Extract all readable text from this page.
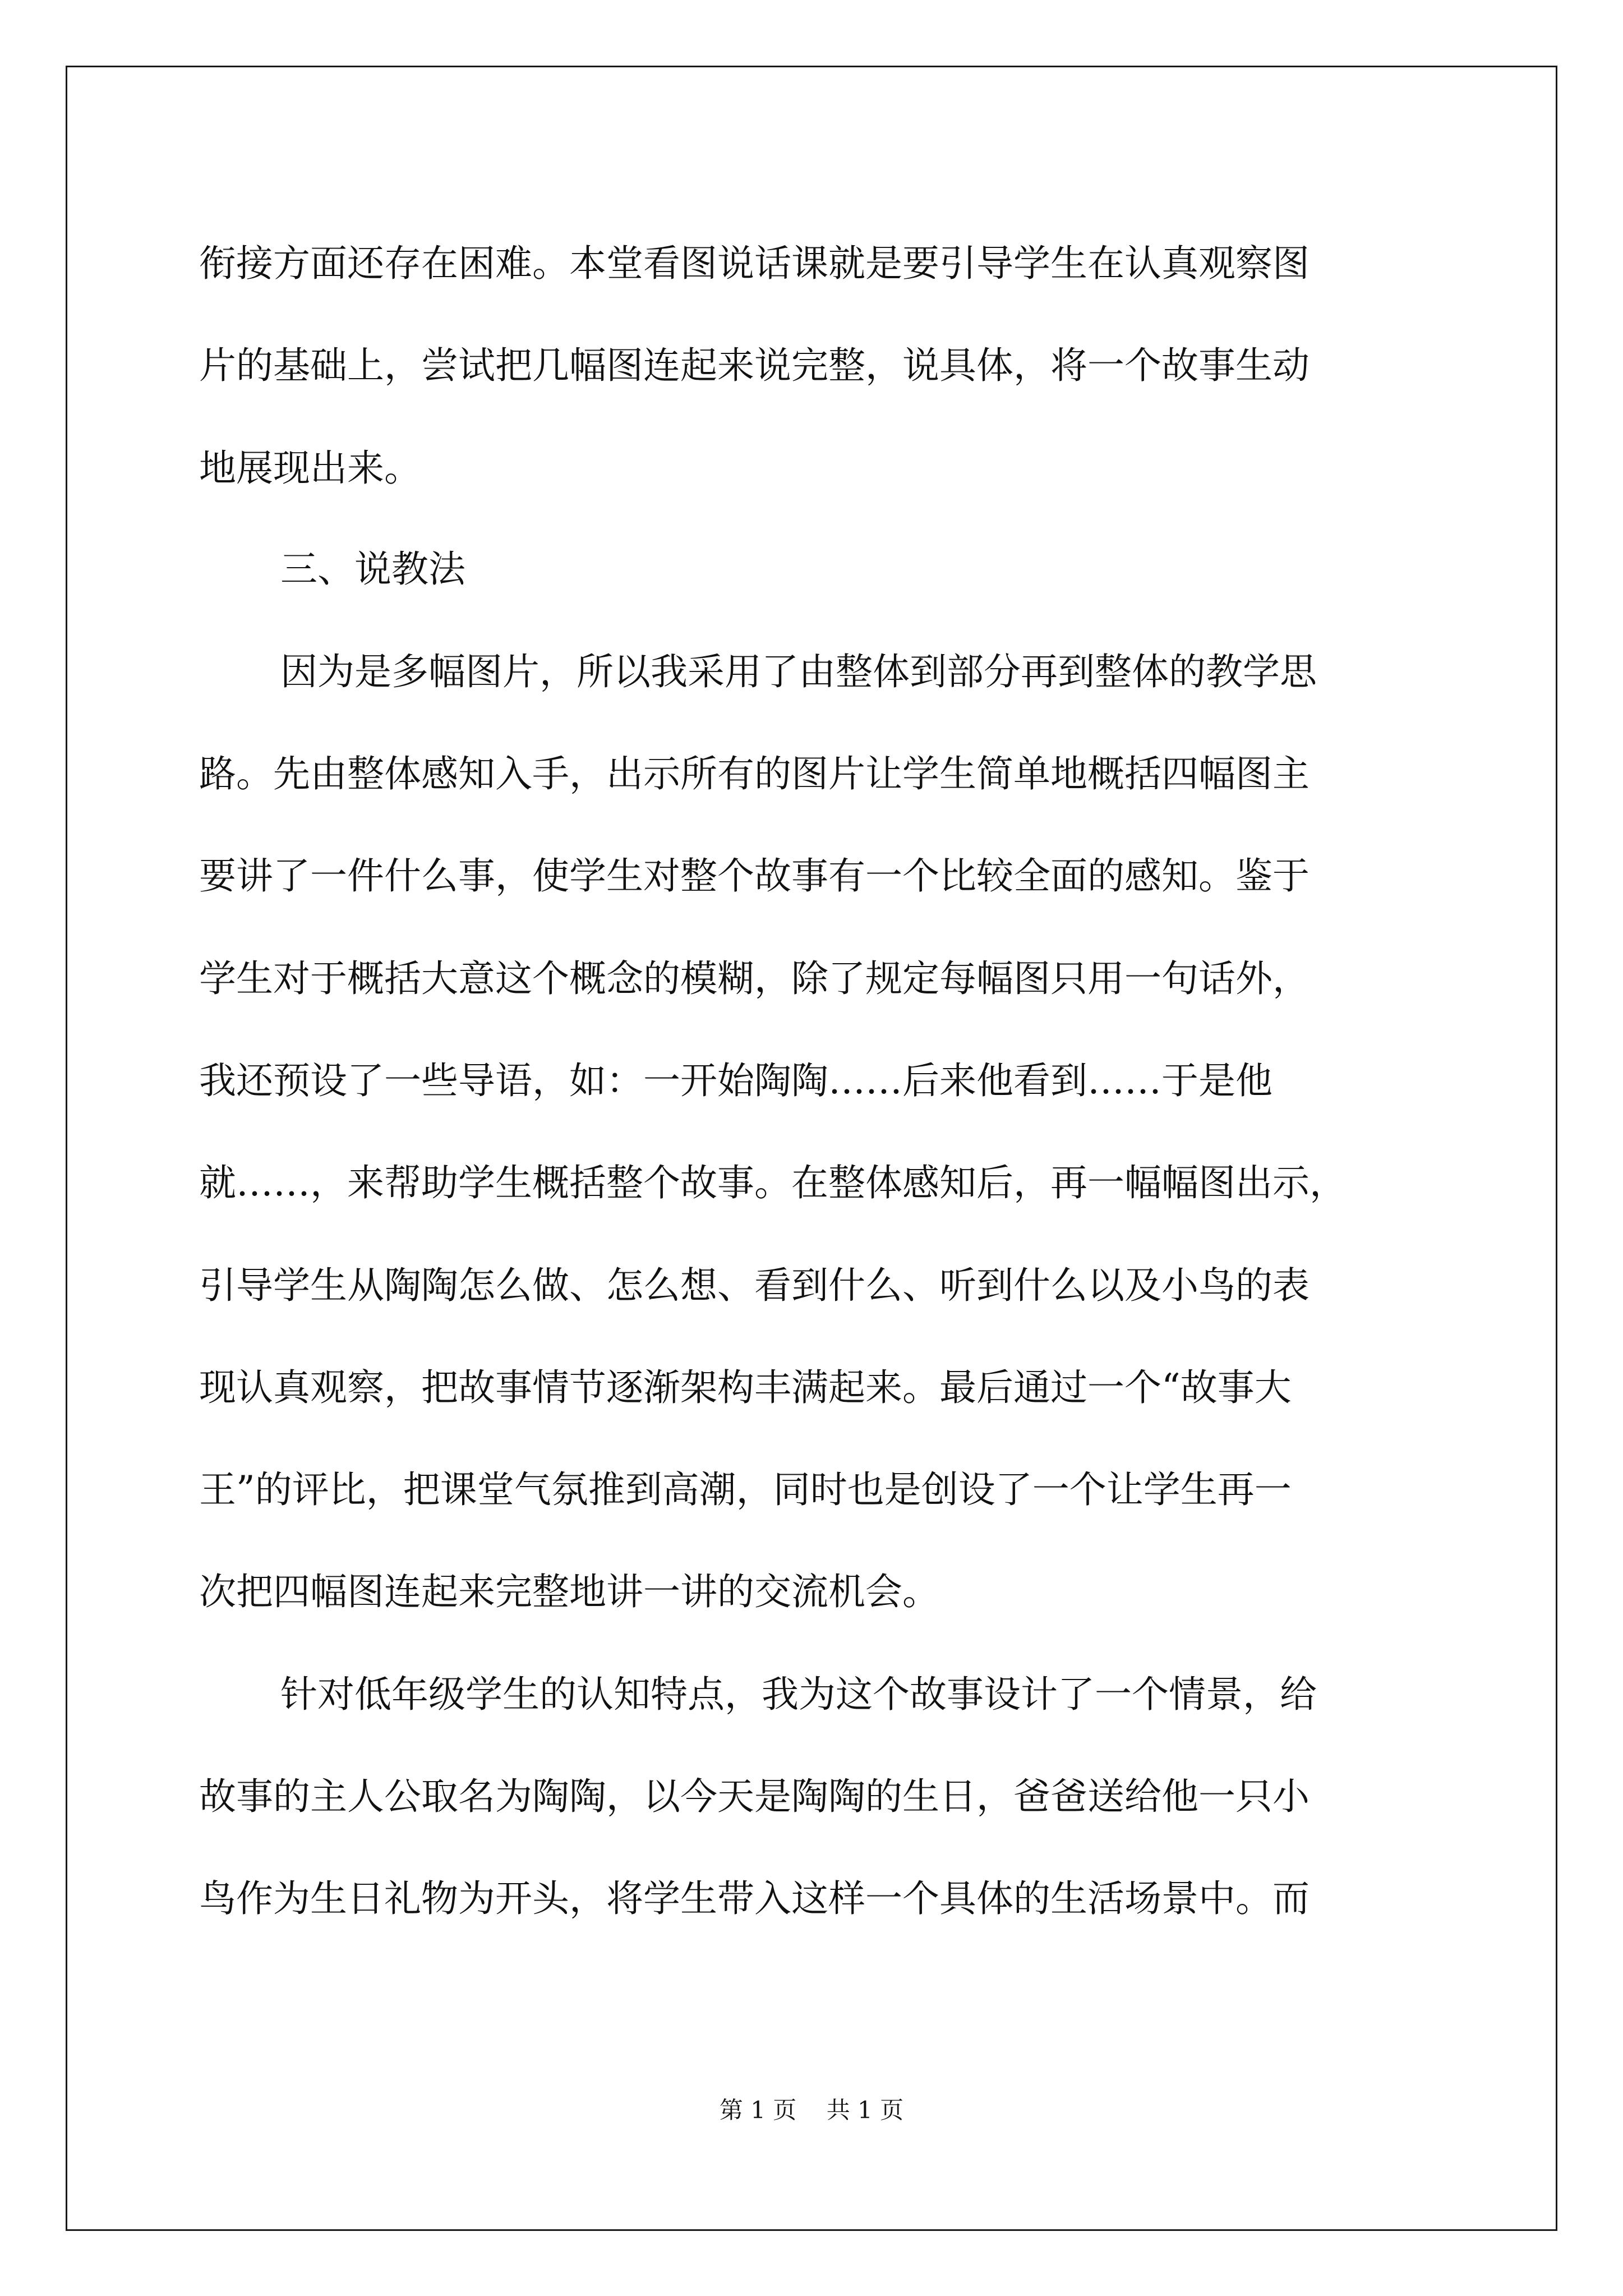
衔接方面还存在困难。本堂看图说话课就是要引导学生在认真观察图
片的基础上，尝试把几幅图连起来说完整，说具体，将一个故事生动
地展现出来。
三、说教法
因为是多幅图片，所以我采用了由整体到部分再到整体的教学思
路。先由整体感知入手，出示所有的图片让学生简单地概括四幅图主
要讲了一件什么事，使学生对整个故事有一个比较全面的感知。鉴于
学生对于概括大意这个概念的模糊，除了规定每幅图只用一句话外，
我还预设了一些导语，如：一开始陶陶……后来他看到……于是他
就……，来帮助学生概括整个故事。在整体感知后，再一幅幅图出示，
引导学生从陶陶怎么做、怎么想、看到什么、听到什么以及小鸟的表
现认真观察，把故事情节逐渐架构丰满起来。最后通过一个“故事大
王”的评比，把课堂气氛推到高潮，同时也是创设了一个让学生再一
次把四幅图连起来完整地讲一讲的交流机会。
针对低年级学生的认知特点，我为这个故事设计了一个情景，给
故事的主人公取名为陶陶，以今天是陶陶的生日，爸爸送给他一只小
鸟作为生日礼物为开头，将学生带入这样一个具体的生活场景中。而
第 1 页    共 1 页
